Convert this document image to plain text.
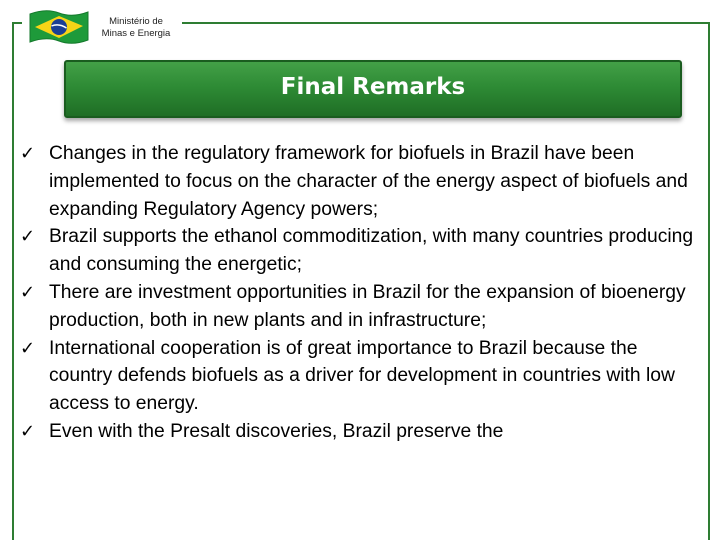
Ministério de
Minas e Energia
Final Remarks
✓ Changes in the regulatory framework for biofuels in Brazil have been implemented to focus on the character of the energy aspect of biofuels and expanding Regulatory Agency powers;
✓ Brazil supports the ethanol commoditization, with many countries producing and consuming the energetic;
✓ There are investment opportunities in Brazil for the expansion of bioenergy production, both in new plants and in infrastructure;
✓ International cooperation is of great importance to Brazil because the country defends biofuels as a driver for development in countries with low access to energy.
✓ Even with the Presalt discoveries, Brazil preserve the
